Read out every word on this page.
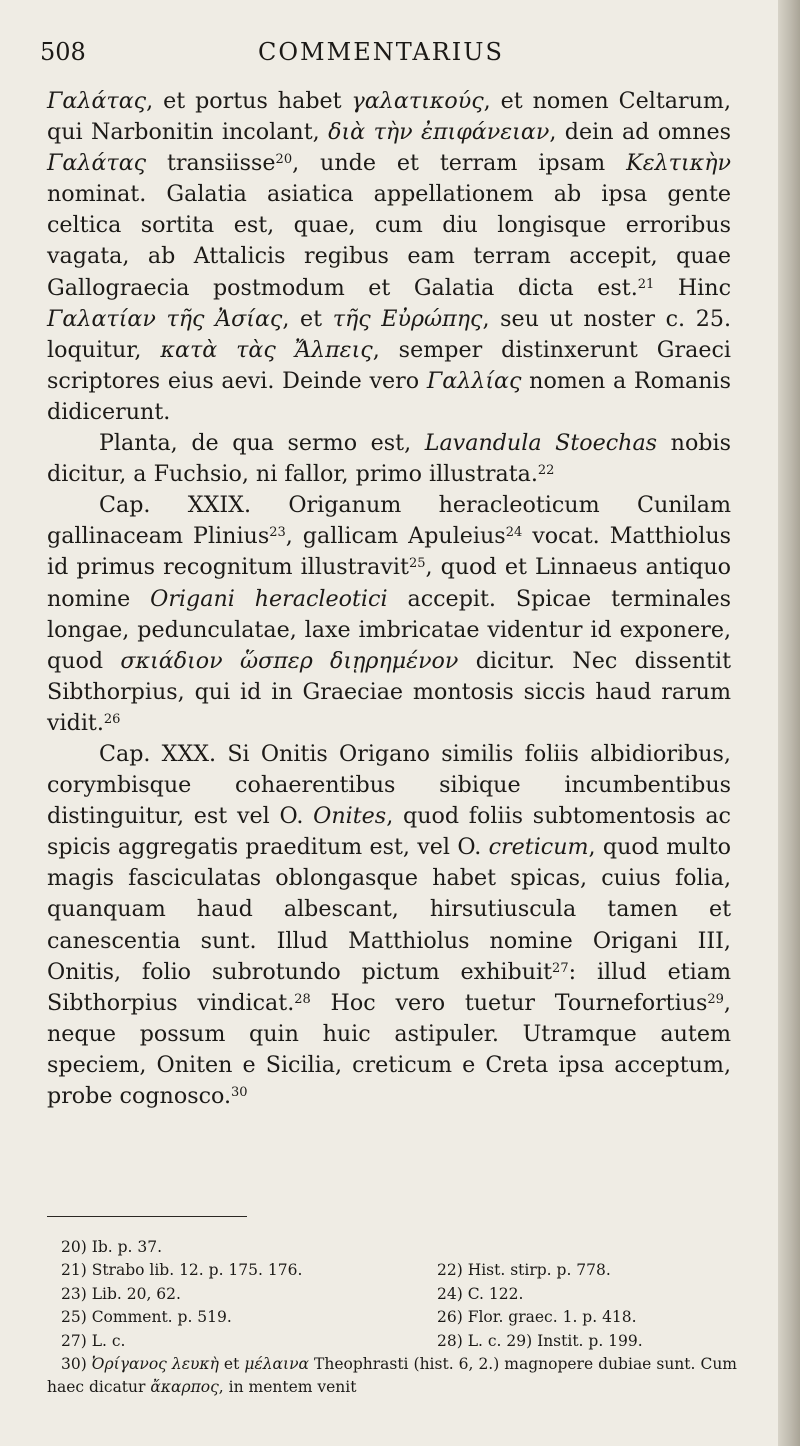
508	COMMENTARIUS

Γαλάτας, et portus habet γαλατικούς, et nomen Celtarum, qui Narbonitin incolant, διὰ τὴν ἐπιφάνειαν, dein ad omnes Γαλάτας transiisse$^{20}$, unde et terram ipsam Κελτικὴν nominat. Galatia asiatica appellationem ab ipsa gente celtica sortita est, quae, cum diu longisque erroribus vagata, ab Attalicis regibus eam terram accepit, quae Gallograecia postmodum et Galatia dicta est.$^{21}$ Hinc Γαλατίαν τῆς Ἀσίας, et τῆς Εὐρώπης, seu ut noster c. 25. loquitur, κατὰ τὰς Ἄλπεις, semper distinxerunt Graeci scriptores eius aevi. Deinde vero Γαλλίας nomen a Romanis didicerunt.

Planta, de qua sermo est, Lavandula Stoechas nobis dicitur, a Fuchsio, ni fallor, primo illustrata.$^{22}$

Cap. XXIX. Origanum heracleoticum Cunilam gallinaceam Plinius$^{23}$, gallicam Apuleius$^{24}$ vocat. Matthiolus id primus recognitum illustravit$^{25}$, quod et Linnaeus antiquo nomine Origani heracleotici accepit. Spicae terminales longae, pedunculatae, laxe imbricatae videntur id exponere, quod σκιάδιον ὥσπερ διῃρημένον dicitur. Nec dissentit Sibthorpius, qui id in Graeciae montosis siccis haud rarum vidit.$^{26}$

Cap. XXX. Si Onitis Origano similis foliis albidioribus, corymbisque cohaerentibus sibique incumbentibus distinguitur, est vel O. Onites, quod foliis subtomentosis ac spicis aggregatis praeditum est, vel O. creticum, quod multo magis fasciculatas oblongasque habet spicas, cuius folia, quanquam haud albescant, hirsutiuscula tamen et canescentia sunt. Illud Matthiolus nomine Origani III, Onitis, folio subrotundo pictum exhibuit$^{27}$: illud etiam Sibthorpius vindicat.$^{28}$ Hoc vero tuetur Tournefortius$^{29}$, neque possum quin huic astipuler. Utramque autem speciem, Oniten e Sicilia, creticum e Creta ipsa acceptum, probe cognosco.$^{30}$

20) Ib. p. 37.
21) Strabo lib. 12. p. 175. 176.	22) Hist. stirp. p. 778.
23) Lib. 20, 62.	24) C. 122.
25) Comment. p. 519.	26) Flor. graec. 1. p. 418.
27) L. c.	28) L. c. 29) Instit. p. 199.
30) Ὀρίγανος λευκὴ et μέλαινα Theophrasti (hist. 6, 2.) magnopere dubiae sunt. Cum haec dicatur ἄκαρπος, in mentem venit
